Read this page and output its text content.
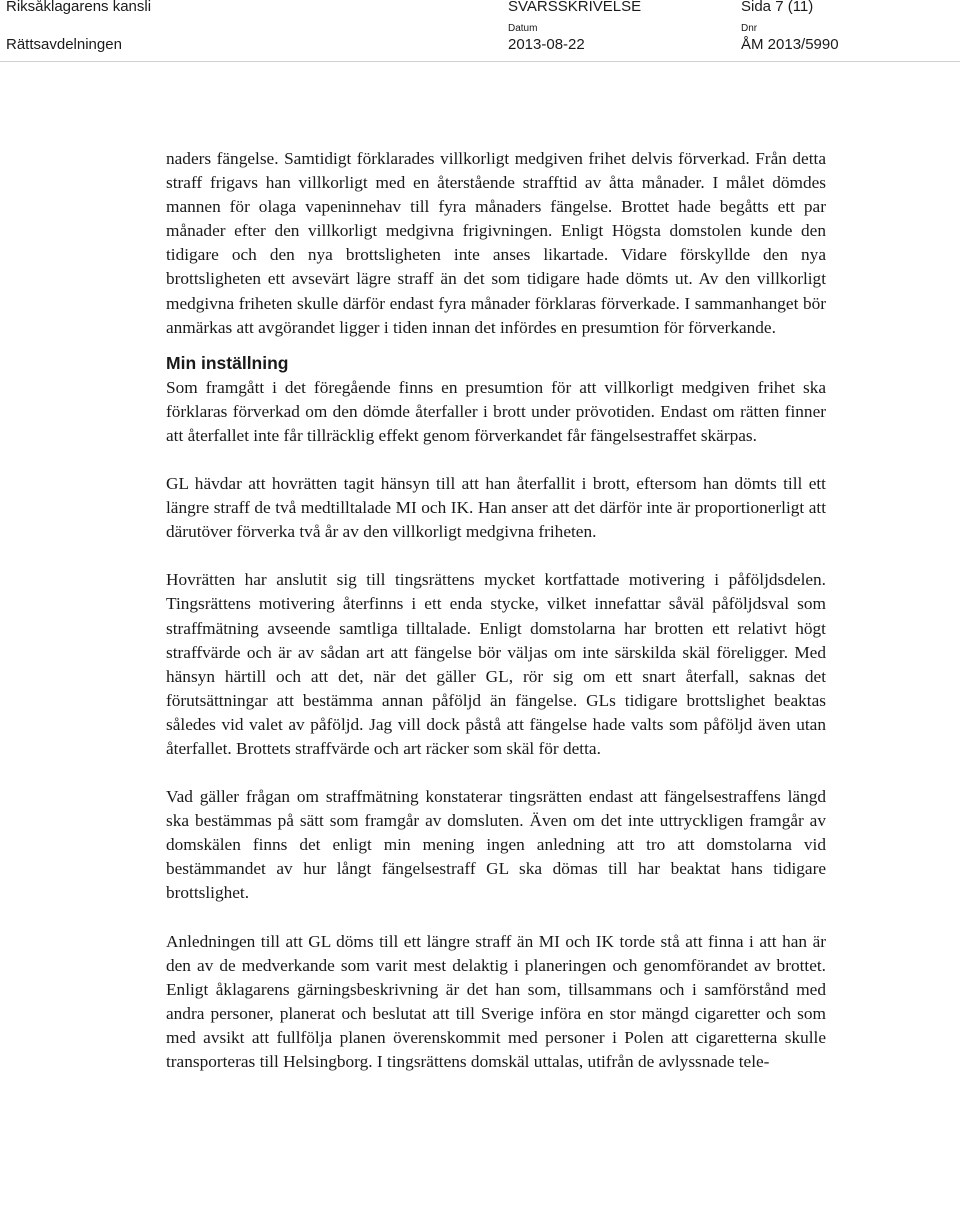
Riksåklagarens kansli
Rättsavdelningen
SVARSSKRIVELSE	Sida 7 (11)
Datum
2013-08-22
Dnr
ÅM 2013/5990

naders fängelse. Samtidigt förklarades villkorligt medgiven frihet delvis förverkad. Från detta straff frigavs han villkorligt med en återstående strafftid av åtta månader. I målet dömdes mannen för olaga vapeninnehav till fyra månaders fängelse. Brottet hade begåtts ett par månader efter den villkorligt medgivna frigivningen. Enligt Högsta domstolen kunde den tidigare och den nya brottsligheten inte anses likartade. Vidare förskyllde den nya brottsligheten ett avsevärt lägre straff än det som tidigare hade dömts ut. Av den villkorligt medgivna friheten skulle därför endast fyra månader förklaras förverkade. I sammanhanget bör anmärkas att avgörandet ligger i tiden innan det infördes en presumtion för förverkande.

Min inställning

Som framgått i det föregående finns en presumtion för att villkorligt medgiven frihet ska förklaras förverkad om den dömde återfaller i brott under prövotiden. Endast om rätten finner att återfallet inte får tillräcklig effekt genom förverkandet får fängelsestraffet skärpas.

GL hävdar att hovrätten tagit hänsyn till att han återfallit i brott, eftersom han dömts till ett längre straff de två medtilltalade MI och IK. Han anser att det därför inte är proportionerligt att därutöver förverka två år av den villkorligt medgivna friheten.

Hovrätten har anslutit sig till tingsrättens mycket kortfattade motivering i påföljdsdelen. Tingsrättens motivering återfinns i ett enda stycke, vilket innefattar såväl påföljdsval som straffmätning avseende samtliga tilltalade. Enligt domstolarna har brotten ett relativt högt straffvärde och är av sådan art att fängelse bör väljas om inte särskilda skäl föreligger. Med hänsyn härtill och att det, när det gäller GL, rör sig om ett snart återfall, saknas det förutsättningar att bestämma annan påföljd än fängelse. GLs tidigare brottslighet beaktas således vid valet av påföljd. Jag vill dock påstå att fängelse hade valts som påföljd även utan återfallet. Brottets straffvärde och art räcker som skäl för detta.

Vad gäller frågan om straffmätning konstaterar tingsrätten endast att fängelsestraffens längd ska bestämmas på sätt som framgår av domsluten. Även om det inte uttryckligen framgår av domskälen finns det enligt min mening ingen anledning att tro att domstolarna vid bestämmandet av hur långt fängelsestraff GL ska dömas till har beaktat hans tidigare brottslighet.

Anledningen till att GL döms till ett längre straff än MI och IK torde stå att finna i att han är den av de medverkande som varit mest delaktig i planeringen och genomförandet av brottet. Enligt åklagarens gärningsbeskrivning är det han som, tillsammans och i samförstånd med andra personer, planerat och beslutat att till Sverige införa en stor mängd cigaretter och som med avsikt att fullfölja planen överenskommit med personer i Polen att cigaretterna skulle transporteras till Helsingborg. I tingsrättens domskäl uttalas, utifrån de avlyssnade tele-
